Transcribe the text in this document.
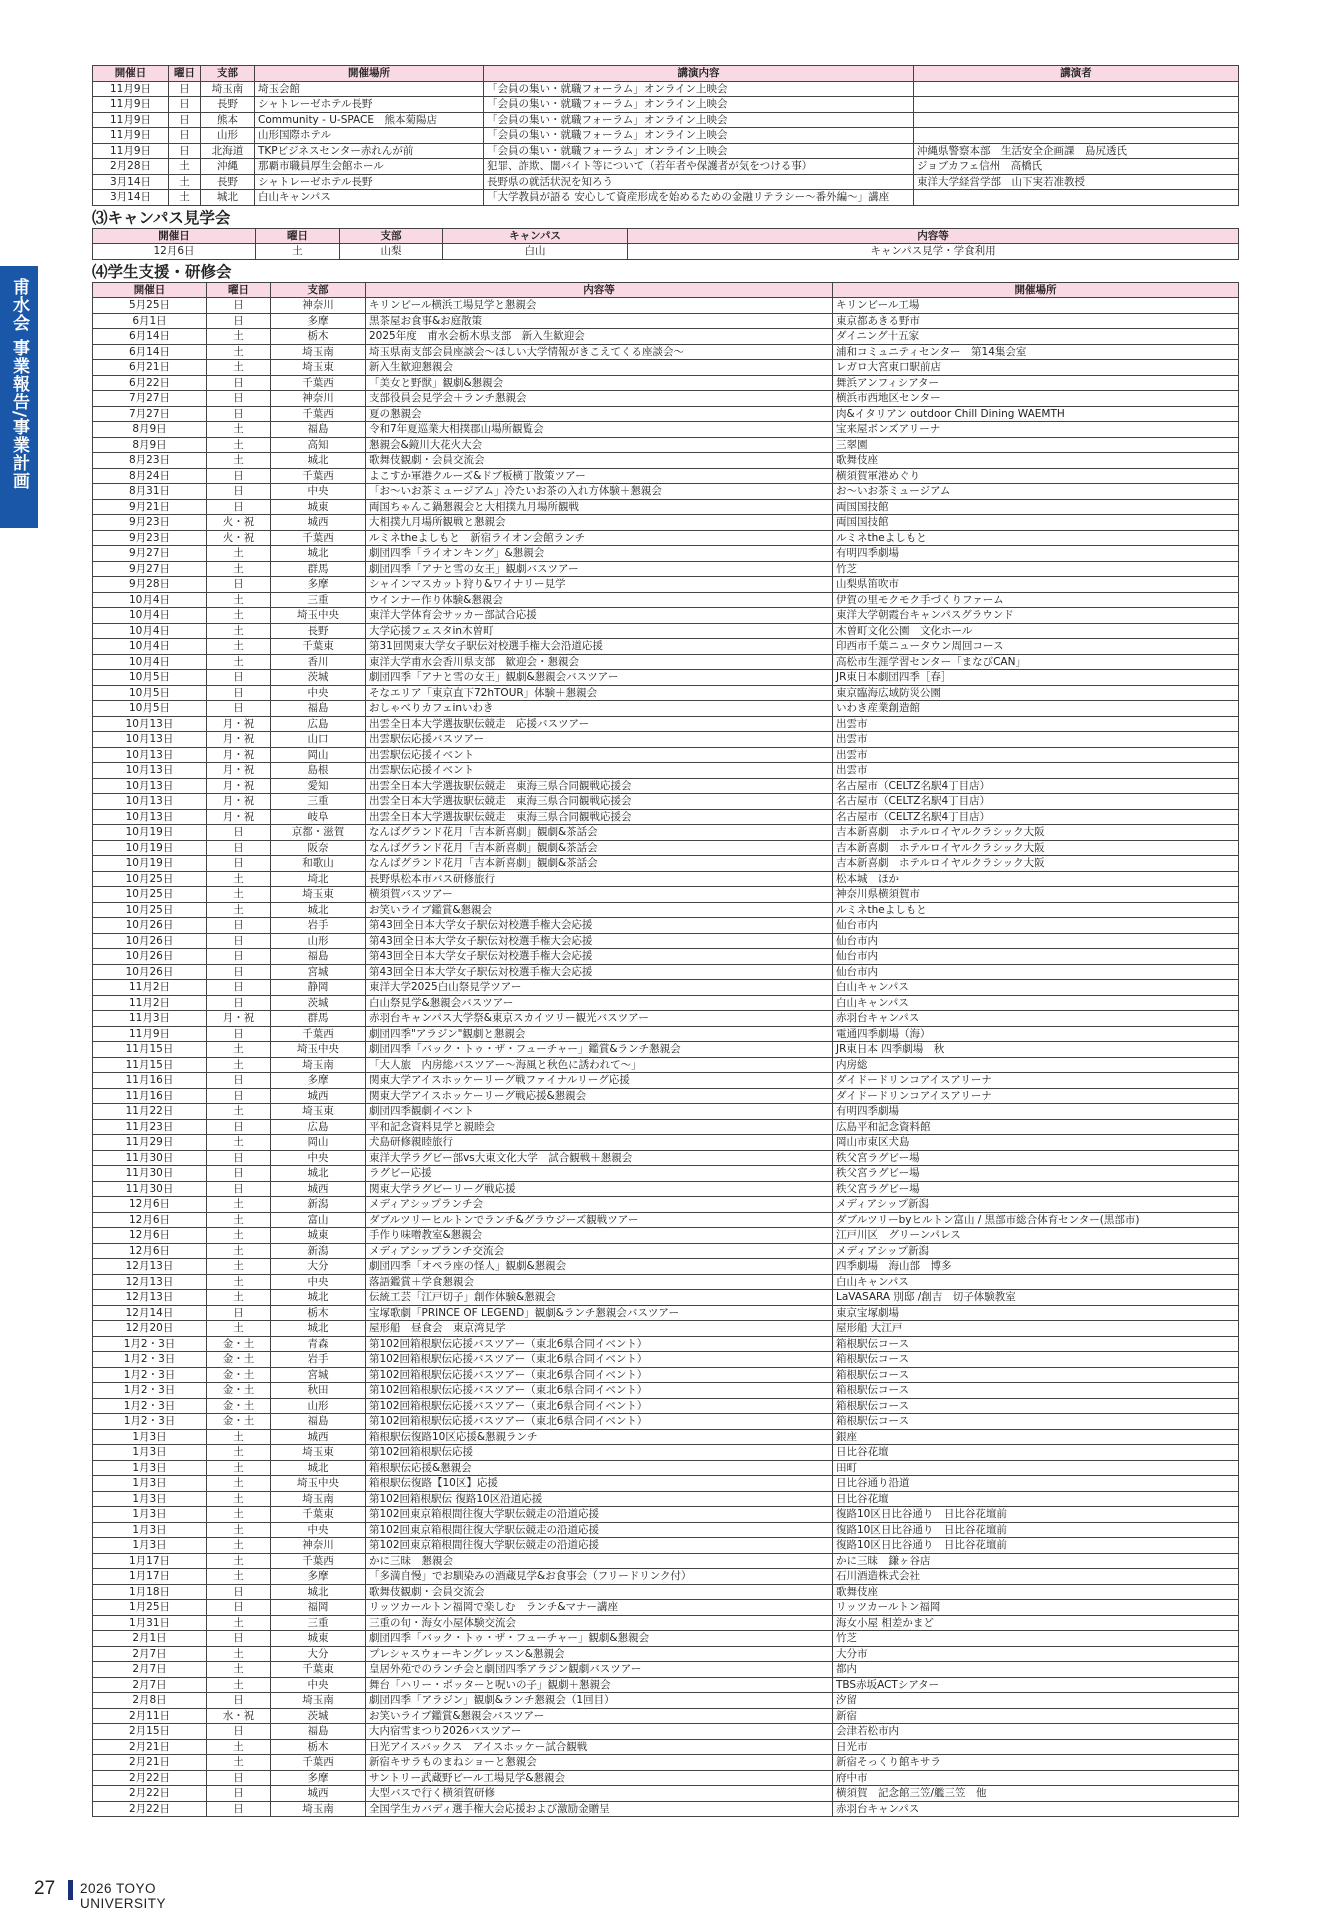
甫水会 事業報告/事業計画
開催日	曜日	支部	開催場所	講演内容	講演者
11月9日	日	埼玉南	埼玉会館	「会員の集い・就職フォーラム」オンライン上映会	
11月9日	日	長野	シャトレーゼホテル長野	「会員の集い・就職フォーラム」オンライン上映会	
11月9日	日	熊本	Community - U-SPACE　熊本菊陽店	「会員の集い・就職フォーラム」オンライン上映会	
11月9日	日	山形	山形国際ホテル	「会員の集い・就職フォーラム」オンライン上映会	
11月9日	日	北海道	TKPビジネスセンター赤れんが前	「会員の集い・就職フォーラム」オンライン上映会	沖縄県警察本部　生活安全企画課　島尻透氏
2月28日	土	沖縄	那覇市職員厚生会館ホール	犯罪、詐欺、闇バイト等について（若年者や保護者が気をつける事）	ジョブカフェ信州　高橋氏
3月14日	土	長野	シャトレーゼホテル長野	長野県の就活状況を知ろう	東洋大学経営学部　山下実若准教授
3月14日	土	城北	白山キャンパス	「大学教員が語る 安心して資産形成を始めるための金融リテラシー～番外編～」講座	
⑶キャンパス見学会
開催日	曜日	支部	キャンパス	内容等
12月6日	土	山梨	白山	キャンパス見学・学食利用
⑷学生支援・研修会
開催日	曜日	支部	内容等	開催場所
5月25日	日	神奈川	キリンビール横浜工場見学と懇親会	キリンビール工場
6月1日	日	多摩	黒茶屋お食事&お庭散策	東京都あきる野市
6月14日	土	栃木	2025年度　甫水会栃木県支部　新入生歓迎会	ダイニング十五家
6月14日	土	埼玉南	埼玉県南支部会員座談会～ほしい大学情報がきこえてくる座談会～	浦和コミュニティセンター　第14集会室
6月21日	土	埼玉東	新入生歓迎懇親会	レガロ大宮東口駅前店
6月22日	日	千葉西	「美女と野獣」観劇&懇親会	舞浜アンフィシアター
7月27日	日	神奈川	支部役員会見学会＋ランチ懇親会	横浜市西地区センター
7月27日	日	千葉西	夏の懇親会	肉&イタリアン outdoor Chill Dining WAEMTH
8月9日	土	福島	令和7年夏巡業大相撲郡山場所観覧会	宝来屋ボンズアリーナ
8月9日	土	高知	懇親会&鏡川大花火大会	三翠園
8月23日	土	城北	歌舞伎観劇・会員交流会	歌舞伎座
8月24日	日	千葉西	よこすか軍港クルーズ&ドブ板横丁散策ツアー	横須賀軍港めぐり
8月31日	日	中央	「お～いお茶ミュージアム」冷たいお茶の入れ方体験＋懇親会	お～いお茶ミュージアム
9月21日	日	城東	両国ちゃんこ鍋懇親会と大相撲九月場所観戦	両国国技館
9月23日	火・祝	城西	大相撲九月場所観戦と懇親会	両国国技館
9月23日	火・祝	千葉西	ルミネtheよしもと　新宿ライオン会館ランチ	ルミネtheよしもと
9月27日	土	城北	劇団四季「ライオンキング」&懇親会	有明四季劇場
9月27日	土	群馬	劇団四季「アナと雪の女王」観劇バスツアー	竹芝
9月28日	日	多摩	シャインマスカット狩り&ワイナリー見学	山梨県笛吹市
10月4日	土	三重	ウインナー作り体験&懇親会	伊賀の里モクモク手づくりファーム
10月4日	土	埼玉中央	東洋大学体育会サッカー部試合応援	東洋大学朝霞台キャンパスグラウンド
10月4日	土	長野	大学応援フェスタin木曽町	木曽町文化公園　文化ホール
10月4日	土	千葉東	第31回関東大学女子駅伝対校選手権大会沿道応援	印西市千葉ニュータウン周回コース
10月4日	土	香川	東洋大学甫水会香川県支部　歓迎会・懇親会	高松市生涯学習センター「まなびCAN」
10月5日	日	茨城	劇団四季「アナと雪の女王」観劇&懇親会バスツアー	JR東日本劇団四季［春］
10月5日	日	中央	そなエリア「東京直下72hTOUR」体験＋懇親会	東京臨海広域防災公園
10月5日	日	福島	おしゃべりカフェinいわき	いわき産業創造館
10月13日	月・祝	広島	出雲全日本大学選抜駅伝競走　応援バスツアー	出雲市
10月13日	月・祝	山口	出雲駅伝応援バスツアー	出雲市
10月13日	月・祝	岡山	出雲駅伝応援イベント	出雲市
10月13日	月・祝	島根	出雲駅伝応援イベント	出雲市
10月13日	月・祝	愛知	出雲全日本大学選抜駅伝競走　東海三県合同観戦応援会	名古屋市（CELTZ名駅4丁目店）
10月13日	月・祝	三重	出雲全日本大学選抜駅伝競走　東海三県合同観戦応援会	名古屋市（CELTZ名駅4丁目店）
10月13日	月・祝	岐阜	出雲全日本大学選抜駅伝競走　東海三県合同観戦応援会	名古屋市（CELTZ名駅4丁目店）
10月19日	日	京都・滋賀	なんばグランド花月「吉本新喜劇」観劇&茶話会	吉本新喜劇　ホテルロイヤルクラシック大阪
10月19日	日	阪奈	なんばグランド花月「吉本新喜劇」観劇&茶話会	吉本新喜劇　ホテルロイヤルクラシック大阪
10月19日	日	和歌山	なんばグランド花月「吉本新喜劇」観劇&茶話会	吉本新喜劇　ホテルロイヤルクラシック大阪
10月25日	土	埼北	長野県松本市バス研修旅行	松本城　ほか
10月25日	土	埼玉東	横須賀バスツアー	神奈川県横須賀市
10月25日	土	城北	お笑いライブ鑑賞&懇親会	ルミネtheよしもと
10月26日	日	岩手	第43回全日本大学女子駅伝対校選手権大会応援	仙台市内
10月26日	日	山形	第43回全日本大学女子駅伝対校選手権大会応援	仙台市内
10月26日	日	福島	第43回全日本大学女子駅伝対校選手権大会応援	仙台市内
10月26日	日	宮城	第43回全日本大学女子駅伝対校選手権大会応援	仙台市内
11月2日	日	静岡	東洋大学2025白山祭見学ツアー	白山キャンパス
11月2日	日	茨城	白山祭見学&懇親会バスツアー	白山キャンパス
11月3日	月・祝	群馬	赤羽台キャンパス大学祭&東京スカイツリー観光バスツアー	赤羽台キャンパス
11月9日	日	千葉西	劇団四季"アラジン"観劇と懇親会	電通四季劇場（海）
11月15日	土	埼玉中央	劇団四季「バック・トゥ・ザ・フューチャー」鑑賞&ランチ懇親会	JR東日本 四季劇場　秋
11月15日	土	埼玉南	「大人旅　内房総バスツアー～海風と秋色に誘われて～」	内房総
11月16日	日	多摩	関東大学アイスホッケーリーグ戦ファイナルリーグ応援	ダイドードリンコアイスアリーナ
11月16日	日	城西	関東大学アイスホッケーリーグ戦応援&懇親会	ダイドードリンコアイスアリーナ
11月22日	土	埼玉東	劇団四季観劇イベント	有明四季劇場
11月23日	日	広島	平和記念資料見学と親睦会	広島平和記念資料館
11月29日	土	岡山	犬島研修親睦旅行	岡山市東区犬島
11月30日	日	中央	東洋大学ラグビー部vs大東文化大学　試合観戦＋懇親会	秩父宮ラグビー場
11月30日	日	城北	ラグビー応援	秩父宮ラグビー場
11月30日	日	城西	関東大学ラグビーリーグ戦応援	秩父宮ラグビー場
12月6日	土	新潟	メディアシップランチ会	メディアシップ新潟
12月6日	土	富山	ダブルツリーヒルトンでランチ&グラウジーズ観戦ツアー	ダブルツリーbyヒルトン富山 / 黒部市総合体育センター(黒部市)
12月6日	土	城東	手作り味噌教室&懇親会	江戸川区　グリーンパレス
12月6日	土	新潟	メディアシップランチ交流会	メディアシップ新潟
12月13日	土	大分	劇団四季「オペラ座の怪人」観劇&懇親会	四季劇場　海山部　博多
12月13日	土	中央	落語鑑賞＋学食懇親会	白山キャンパス
12月13日	土	城北	伝統工芸「江戸切子」創作体験&懇親会	LaVASARA 別邸 /創吉　切子体験教室
12月14日	日	栃木	宝塚歌劇「PRINCE OF LEGEND」観劇&ランチ懇親会バスツアー	東京宝塚劇場
12月20日	土	城北	屋形船　昼食会　東京湾見学	屋形船 大江戸
1月2・3日	金・土	青森	第102回箱根駅伝応援バスツアー（東北6県合同イベント）	箱根駅伝コース
1月2・3日	金・土	岩手	第102回箱根駅伝応援バスツアー（東北6県合同イベント）	箱根駅伝コース
1月2・3日	金・土	宮城	第102回箱根駅伝応援バスツアー（東北6県合同イベント）	箱根駅伝コース
1月2・3日	金・土	秋田	第102回箱根駅伝応援バスツアー（東北6県合同イベント）	箱根駅伝コース
1月2・3日	金・土	山形	第102回箱根駅伝応援バスツアー（東北6県合同イベント）	箱根駅伝コース
1月2・3日	金・土	福島	第102回箱根駅伝応援バスツアー（東北6県合同イベント）	箱根駅伝コース
1月3日	土	城西	箱根駅伝復路10区応援&懇親ランチ	銀座
1月3日	土	埼玉東	第102回箱根駅伝応援	日比谷花壇
1月3日	土	城北	箱根駅伝応援&懇親会	田町
1月3日	土	埼玉中央	箱根駅伝復路【10区】応援	日比谷通り沿道
1月3日	土	埼玉南	第102回箱根駅伝 復路10区沿道応援	日比谷花壇
1月3日	土	千葉東	第102回東京箱根間往復大学駅伝競走の沿道応援	復路10区日比谷通り　日比谷花壇前
1月3日	土	中央	第102回東京箱根間往復大学駅伝競走の沿道応援	復路10区日比谷通り　日比谷花壇前
1月3日	土	神奈川	第102回東京箱根間往復大学駅伝競走の沿道応援	復路10区日比谷通り　日比谷花壇前
1月17日	土	千葉西	かに三昧　懇親会	かに三昧　鎌ヶ谷店
1月17日	土	多摩	「多満自慢」でお馴染みの酒蔵見学&お食事会（フリードリンク付）	石川酒造株式会社
1月18日	日	城北	歌舞伎観劇・会員交流会	歌舞伎座
1月25日	日	福岡	リッツカールトン福岡で楽しむ　ランチ&マナー講座	リッツカールトン福岡
1月31日	土	三重	三重の旬・海女小屋体験交流会	海女小屋 相差かまど
2月1日	日	城東	劇団四季「バック・トゥ・ザ・フューチャー」観劇&懇親会	竹芝
2月7日	土	大分	プレシャスウォーキングレッスン&懇親会	大分市
2月7日	土	千葉東	皇居外苑でのランチ会と劇団四季アラジン観劇バスツアー	都内
2月7日	土	中央	舞台「ハリー・ポッターと呪いの子」観劇＋懇親会	TBS赤坂ACTシアター
2月8日	日	埼玉南	劇団四季「アラジン」観劇&ランチ懇親会（1回目）	汐留
2月11日	水・祝	茨城	お笑いライブ鑑賞&懇親会バスツアー	新宿
2月15日	日	福島	大内宿雪まつり2026バスツアー	会津若松市内
2月21日	土	栃木	日光アイスバックス　アイスホッケー試合観戦	日光市
2月21日	土	千葉西	新宿キサラものまねショーと懇親会	新宿そっくり館キサラ
2月22日	日	多摩	サントリー武蔵野ビール工場見学&懇親会	府中市
2月22日	日	城西	大型バスで行く横須賀研修	横須賀　記念館三笠/艦三笠　他
2月22日	日	埼玉南	全国学生カバディ選手権大会応援および激励金贈呈	赤羽台キャンパス
27 2026 TOYO UNIVERSITY
